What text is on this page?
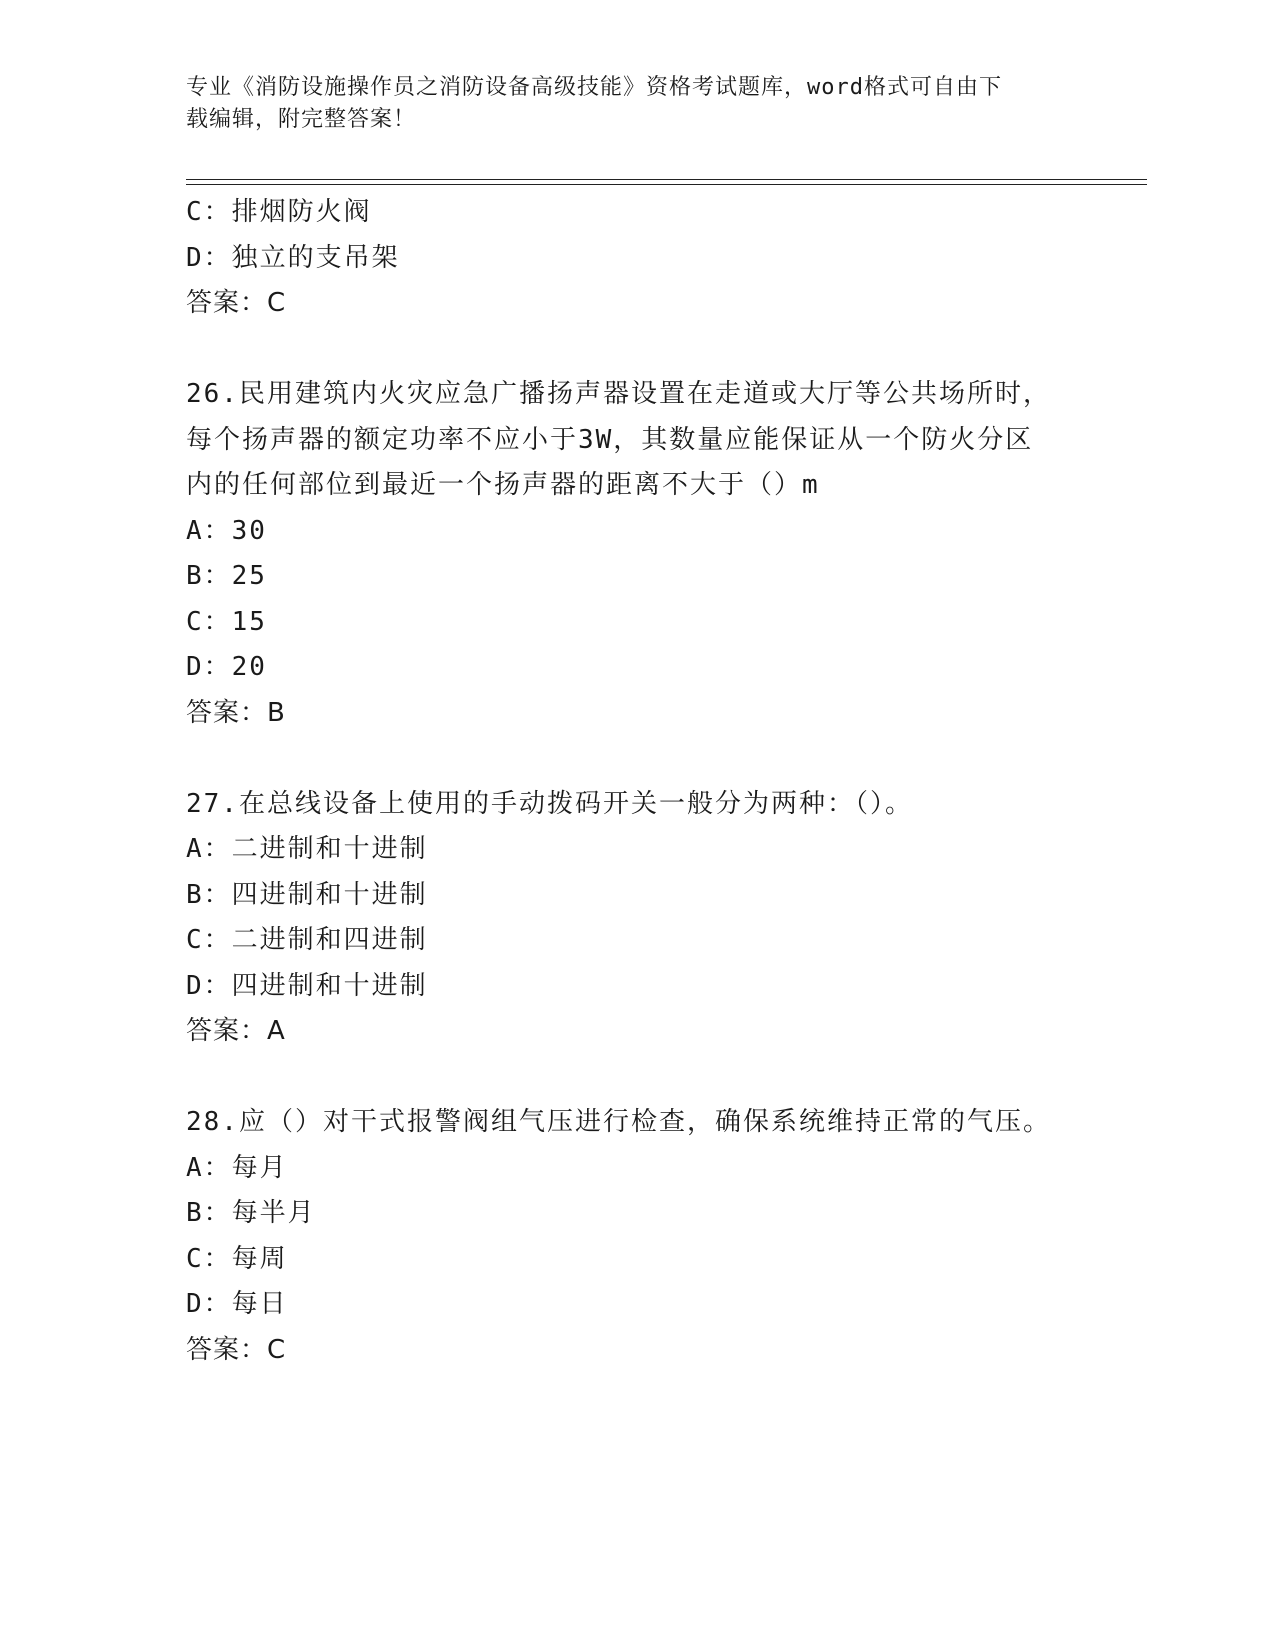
专业《消防设施操作员之消防设备高级技能》资格考试题库，word格式可自由下
载编辑，附完整答案！
C：排烟防火阀
D：独立的支吊架
答案：C
26.民用建筑内火灾应急广播扬声器设置在走道或大厅等公共场所时，
每个扬声器的额定功率不应小于3W，其数量应能保证从一个防火分区
内的任何部位到最近一个扬声器的距离不大于（）m
A：30
B：25
C：15
D：20
答案：B
27.在总线设备上使用的手动拨码开关一般分为两种：（）。
A：二进制和十进制
B：四进制和十进制
C：二进制和四进制
D：四进制和十进制
答案：A
28.应（）对干式报警阀组气压进行检查，确保系统维持正常的气压。
A：每月
B：每半月
C：每周
D：每日
答案：C
